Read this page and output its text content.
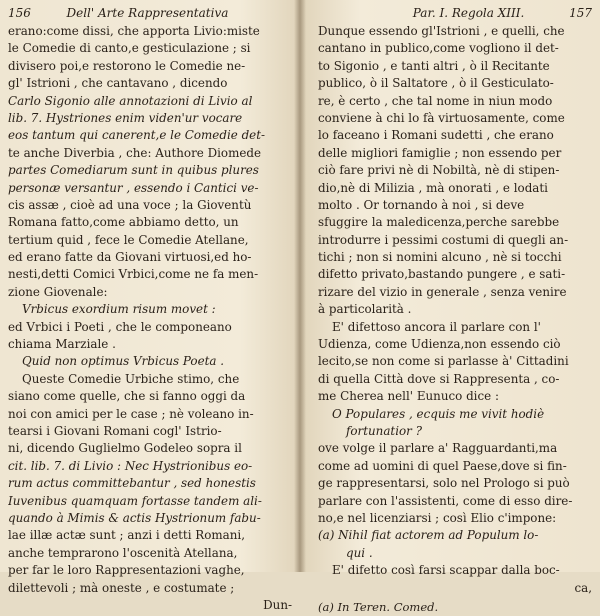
156	Dell' Arte Rappresentativa
erano:come dissi, che apporta Livio:miste
le Comedie di canto,e gesticulazione ; si
divisero poi,e restorono le Comedie ne-
gl' Istrioni , che cantavano , dicendo
Carlo Sigonio alle annotazioni di Livio al
lib. 7. Hystriones enim viden'ur vocare
eos tantum qui canerent,e le Comedie det-
te anche Diverbia , che: Authore Diomede
partes Comediarum sunt in quibus plures
personæ versantur , essendo i Cantici ve-
cis assæ , cioè ad una voce ; la Gioventù
Romana fatto,come abbiamo detto, un
tertium quid , fece le Comedie Atellane,
ed erano fatte da Giovani virtuosi,ed ho-
nesti,detti Comici Vrbici,come ne fa men-
zione Giovenale:
Vrbicus exordium risum movet :
ed Vrbici i Poeti , che le componeano
chiama Marziale .
Quid non optimus Vrbicus Poeta .
Queste Comedie Urbiche stimo, che
siano come quelle, che si fanno oggi da
noi con amici per le case ; nè voleano in-
tearsi i Giovani Romani cogl' Istrio-
ni, dicendo Guglielmo Godeleo sopra il
cit. lib. 7. di Livio : Nec Hystrionibus eo-
rum actus committebantur , sed honestis
Iuvenibus quamquam fortasse tandem ali-
quando à Mimis & actis Hystrionum fabu-
lae illæ actæ sunt ; anzi i detti Romani,
anche temprarono l'oscenità Atellana,
per far le loro Rappresentazioni vaghe,
dilettevoli ; mà oneste , e costumate ;
Dun-
Par. I. Regola XIII.	157
Dunque essendo gl'Istrioni , e quelli, che
cantano in publico,come vogliono il det-
to Sigonio , e tanti altri , ò il Recitante
publico, ò il Saltatore , ò il Gesticulato-
re, è certo , che tal nome in niun modo
conviene à chi lo fà virtuosamente, come
lo faceano i Romani sudetti , che erano
delle migliori famiglie ; non essendo per
ciò fare privi nè di Nobiltà, nè di stipen-
dio,nè di Milizia , mà onorati , e lodati
molto . Or tornando à noi , si deve
sfuggire la maledicenza,perche sarebbe
introdurre i pessimi costumi di quegli an-
tichi ; non si nomini alcuno , nè si tocchi
difetto privato,bastando pungere , e sati-
rizare del vizio in generale , senza venire
à particolarità .
E' difettoso ancora il parlare con l'
Udienza, come Udienza,non essendo ciò
lecito,se non come si parlasse à' Cittadini
di quella Città dove si Rappresenta , co-
me Cherea nell' Eunuco dice :
O Populares , ecquis me vivit hodiè
fortunatior ?
ove volge il parlare a' Ragguardanti,ma
come ad uomini di quel Paese,dove si fin-
ge rappresentarsi, solo nel Prologo si può
parlare con l'assistenti, come di esso dire-
no,e nel licenziarsi ; così Elio c'impone:
(a) Nihil fiat actorem ad Populum lo-
qui .
E' difetto così farsi scappar dalla boc-
ca,
(a) In Teren. Comed.
